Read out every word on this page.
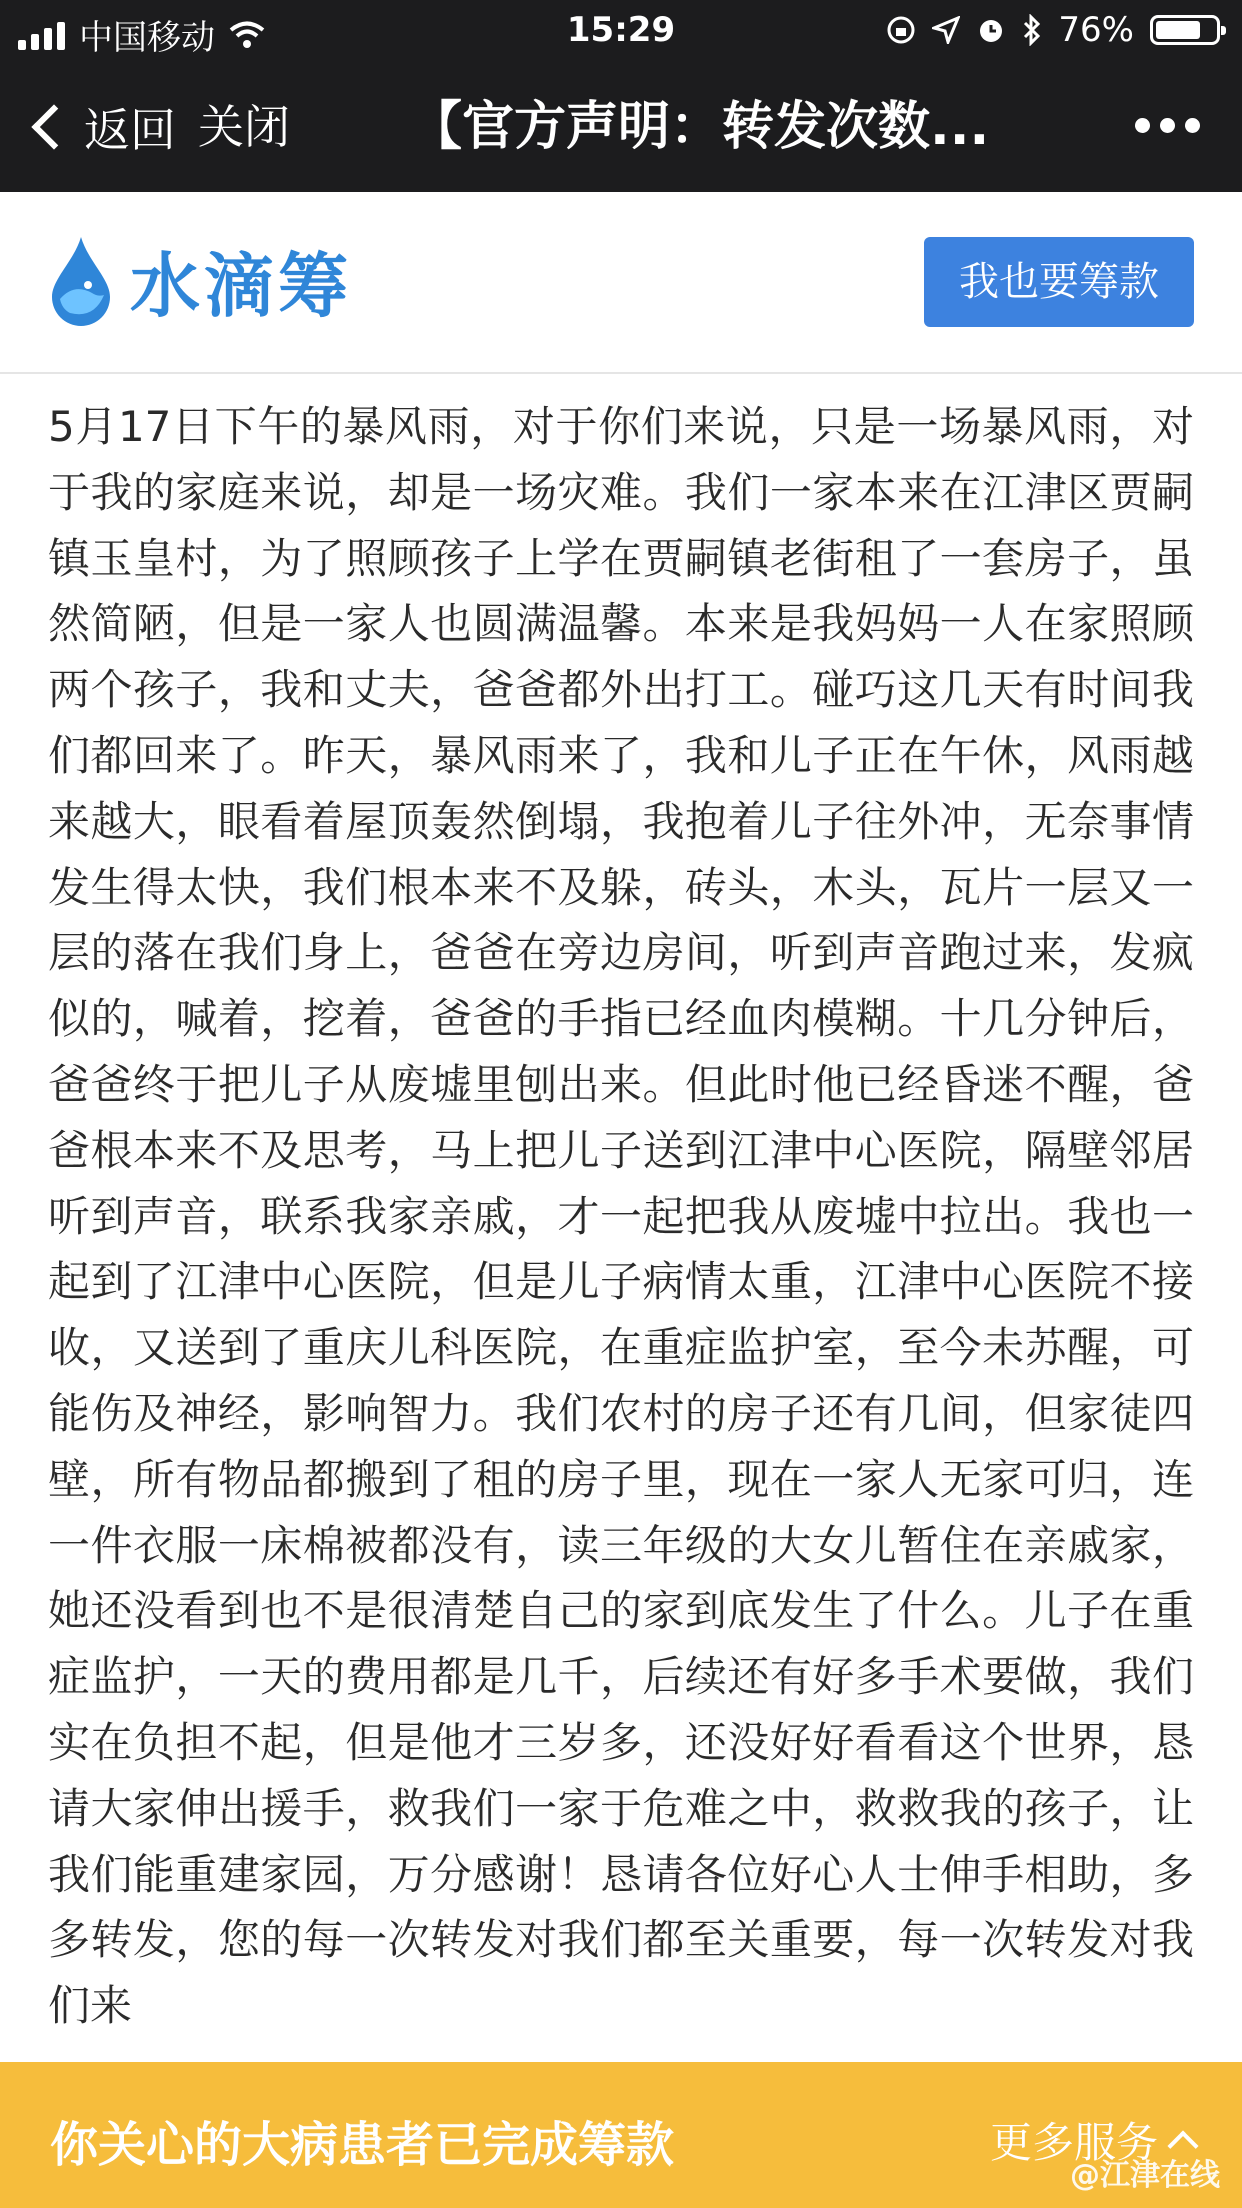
中国移动	15:29	76%
返回 关闭 【官方声明：转发次数...
水滴筹	我也要筹款

5月17日下午的暴风雨，对于你们来说，只是一场暴风雨，对于我的家庭来说，却是一场灾难。我们一家本来在江津区贾嗣镇玉皇村，为了照顾孩子上学在贾嗣镇老街租了一套房子，虽然简陋，但是一家人也圆满温馨。本来是我妈妈一人在家照顾两个孩子，我和丈夫，爸爸都外出打工。碰巧这几天有时间我们都回来了。昨天，暴风雨来了，我和儿子正在午休，风雨越来越大，眼看着屋顶轰然倒塌，我抱着儿子往外冲，无奈事情发生得太快，我们根本来不及躲，砖头，木头，瓦片一层又一层的落在我们身上，爸爸在旁边房间，听到声音跑过来，发疯似的，喊着，挖着，爸爸的手指已经血肉模糊。十几分钟后，爸爸终于把儿子从废墟里刨出来。但此时他已经昏迷不醒，爸爸根本来不及思考，马上把儿子送到江津中心医院，隔壁邻居听到声音，联系我家亲戚，才一起把我从废墟中拉出。我也一起到了江津中心医院，但是儿子病情太重，江津中心医院不接收，又送到了重庆儿科医院，在重症监护室，至今未苏醒，可能伤及神经，影响智力。我们农村的房子还有几间，但家徒四壁，所有物品都搬到了租的房子里，现在一家人无家可归，连一件衣服一床棉被都没有，读三年级的大女儿暂住在亲戚家，她还没看到也不是很清楚自己的家到底发生了什么。儿子在重症监护，一天的费用都是几千，后续还有好多手术要做，我们实在负担不起，但是他才三岁多，还没好好看看这个世界，恳请大家伸出援手，救我们一家于危难之中，救救我的孩子，让我们能重建家园，万分感谢！恳请各位好心人士伸手相助，多多转发，您的每一次转发对我们都至关重要，每一次转发对我们来

你关心的大病患者已完成筹款	更多服务
@江津在线
